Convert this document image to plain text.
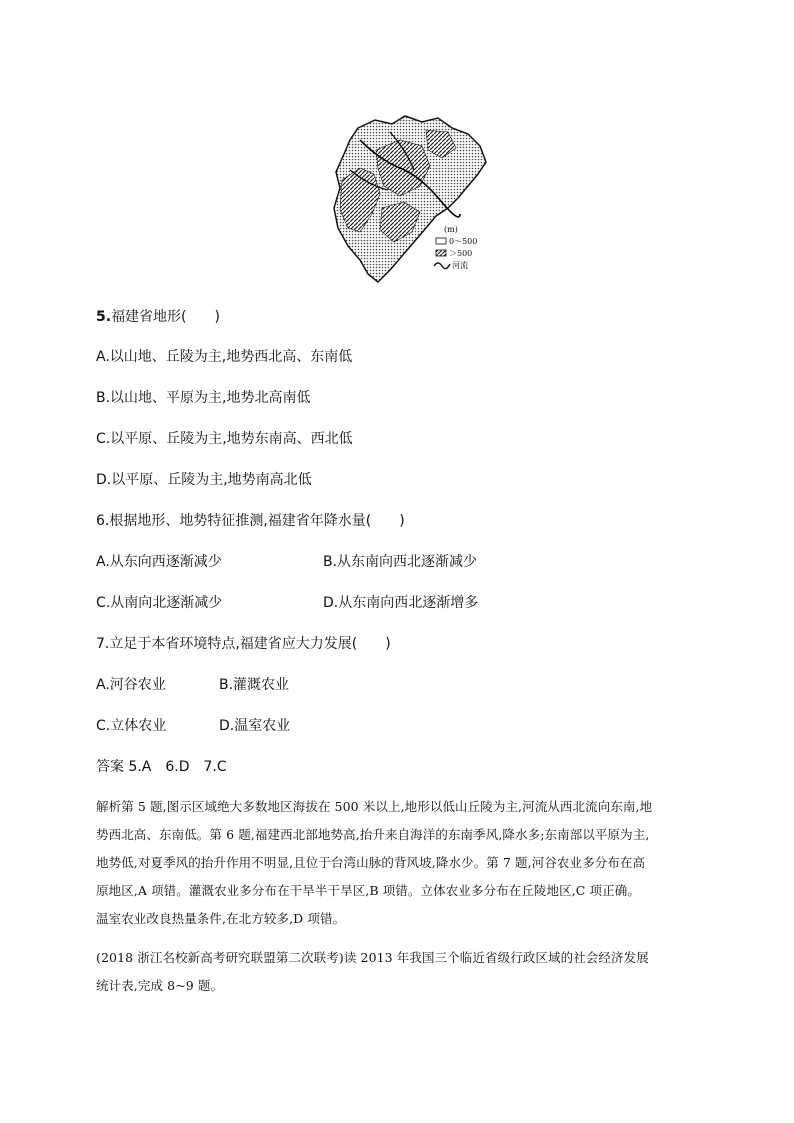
(m)
0～500
＞500
河流
5.福建省地形(　　)
A.以山地、丘陵为主,地势西北高、东南低
B.以山地、平原为主,地势北高南低
C.以平原、丘陵为主,地势东南高、西北低
D.以平原、丘陵为主,地势南高北低
6.根据地形、地势特征推测,福建省年降水量(　　)
A.从东向西逐渐减少	B.从东南向西北逐渐减少
C.从南向北逐渐减少	D.从东南向西北逐渐增多
7.立足于本省环境特点,福建省应大力发展(　　)
A.河谷农业	B.灌溉农业
C.立体农业	D.温室农业
答案 5.A　6.D　7.C
解析第 5 题,图示区域绝大多数地区海拔在 500 米以上,地形以低山丘陵为主,河流从西北流向东南,地
势西北高、东南低。第 6 题,福建西北部地势高,抬升来自海洋的东南季风,降水多;东南部以平原为主,
地势低,对夏季风的抬升作用不明显,且位于台湾山脉的背风坡,降水少。第 7 题,河谷农业多分布在高
原地区,A 项错。灌溉农业多分布在干旱半干旱区,B 项错。立体农业多分布在丘陵地区,C 项正确。
温室农业改良热量条件,在北方较多,D 项错。
(2018 浙江名校新高考研究联盟第二次联考)读 2013 年我国三个临近省级行政区域的社会经济发展
统计表,完成 8~9 题。
